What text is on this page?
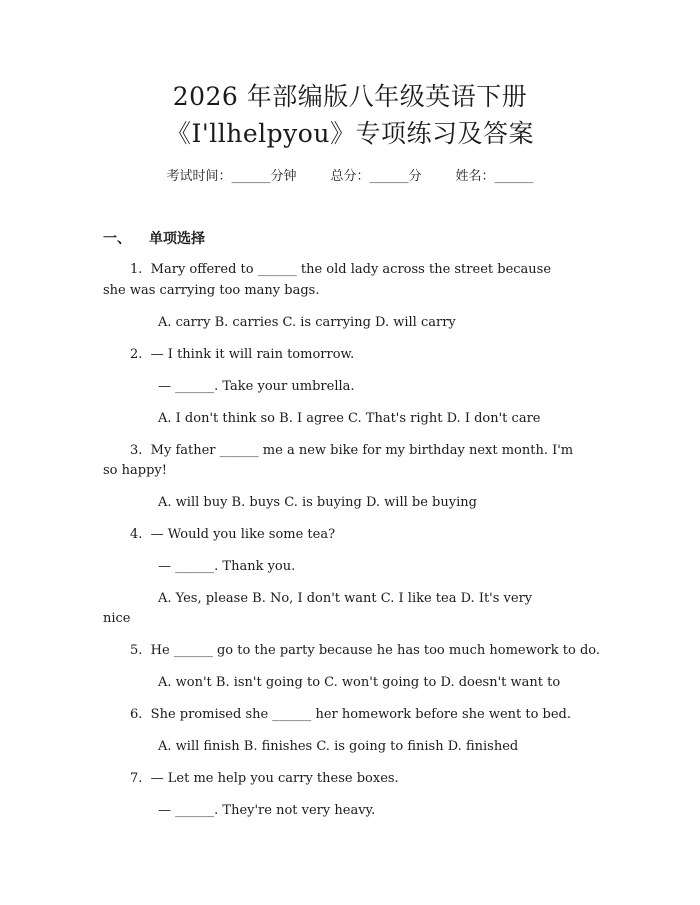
2026 年部编版八年级英语下册
《I'llhelpyou》专项练习及答案
考试时间：______分钟	总分：______分	姓名：______
一、 单项选择
1.  Mary offered to ______ the old lady across the street because
she was carrying too many bags.
A. carry B. carries C. is carrying D. will carry
2.  — I think it will rain tomorrow.
— ______. Take your umbrella.
A. I don't think so B. I agree C. That's right D. I don't care
3.  My father ______ me a new bike for my birthday next month. I'm
so happy!
A. will buy B. buys C. is buying D. will be buying
4.  — Would you like some tea?
— ______. Thank you.
A. Yes, please B. No, I don't want C. I like tea D. It's very
nice
5.  He ______ go to the party because he has too much homework to do.
A. won't B. isn't going to C. won't going to D. doesn't want to
6.  She promised she ______ her homework before she went to bed.
A. will finish B. finishes C. is going to finish D. finished
7.  — Let me help you carry these boxes.
— ______. They're not very heavy.
